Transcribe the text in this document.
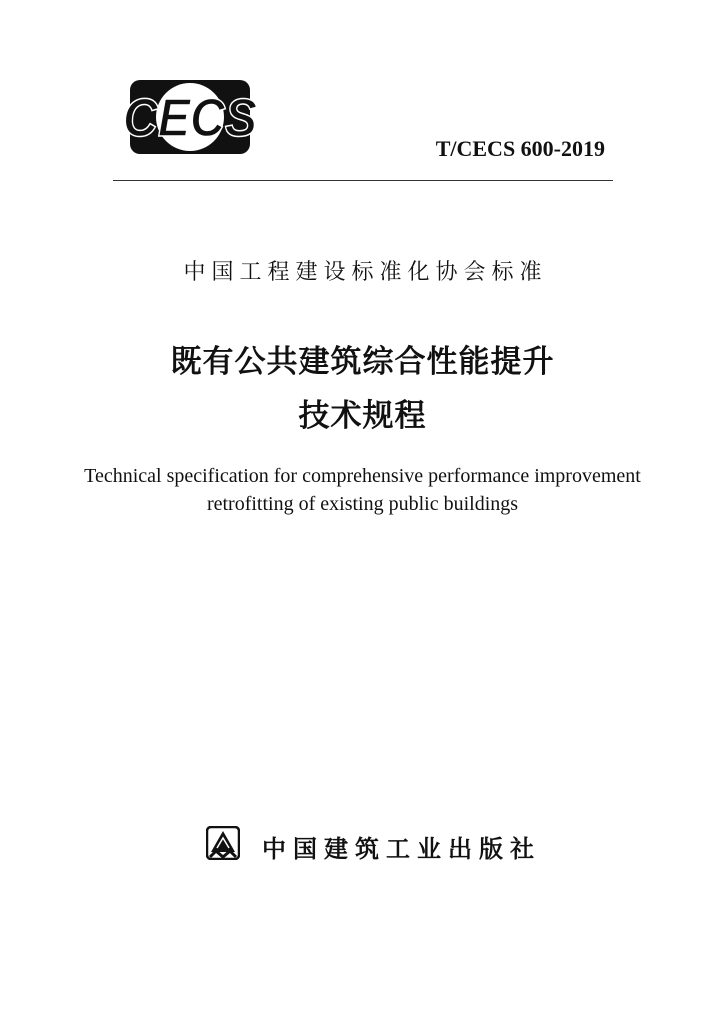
CECS
T/CECS 600-2019
中国工程建设标准化协会标准
既有公共建筑综合性能提升
技术规程
Technical specification for comprehensive performance improvement
retrofitting of existing public buildings
中国建筑工业出版社
